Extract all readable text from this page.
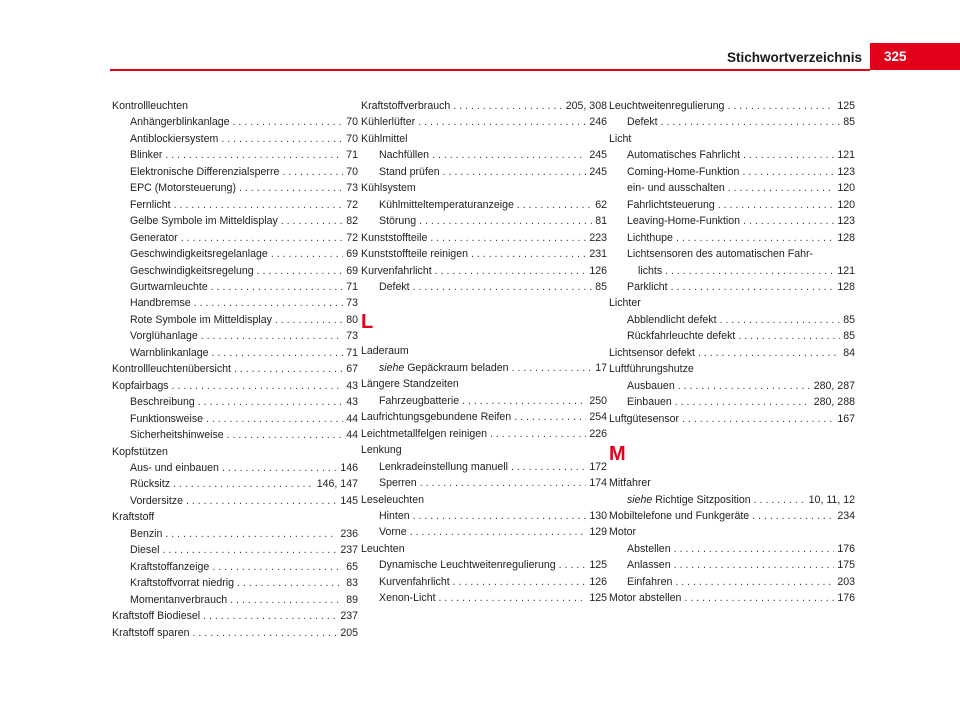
Stichwortverzeichnis 325
Kontrollleuchten
Anhängerblinkanlage . . .	70
Antiblockiersystem . . .	70
Blinker . . .	71
Elektronische Differenzialsperre . . .	70
EPC (Motorsteuerung) . . .	73
Fernlicht . . .	72
Gelbe Symbole im Mitteldisplay . . .	82
Generator . . .	72
Geschwindigkeitsregelanlage . . .	69
Geschwindigkeitsregelung . . .	69
Gurtwarnleuchte . . .	71
Handbremse . . .	73
Rote Symbole im Mitteldisplay . . .	80
Vorglühanlage . . .	73
Warnblinkanlage . . .	71
Kontrollleuchtenübersicht . . .	67
Kopfairbags . . .	43
Beschreibung . . .	43
Funktionsweise . . .	44
Sicherheitshinweise . . .	44
Kopfstützen
Aus- und einbauen . . .	146
Rücksitz . . .	146, 147
Vordersitze . . .	145
Kraftstoff
Benzin . . .	236
Diesel . . .	237
Kraftstoffanzeige . . .	65
Kraftstoffvorrat niedrig . . .	83
Momentanverbrauch . . .	89
Kraftstoff Biodiesel . . .	237
Kraftstoff sparen . . .	205
Kraftstoffverbrauch . . .	205, 308
Kühlerlüfter . . .	246
Kühlmittel
Nachfüllen . . .	245
Stand prüfen . . .	245
Kühlsystem
Kühlmitteltemperaturanzeige . . .	62
Störung . . .	81
Kunststoffteile . . .	223
Kunststoffteile reinigen . . .	231
Kurvenfahrlicht . . .	126
Defekt . . .	85
L
Laderaum
siehe Gepäckraum beladen . . .	17
Längere Standzeiten
Fahrzeugbatterie . . .	250
Laufrichtungsgebundene Reifen . . .	254
Leichtmetallfelgen reinigen . . .	226
Lenkung
Lenkradeinstellung manuell . . .	172
Sperren . . .	174
Leseleuchten
Hinten . . .	130
Vorne . . .	129
Leuchten
Dynamische Leuchtweitenregulierung . . .	125
Kurvenfahrlicht . . .	126
Xenon-Licht . . .	125
Leuchtweitenregulierung . . .	125
Defekt . . .	85
Licht
Automatisches Fahrlicht . . .	121
Coming-Home-Funktion . . .	123
ein- und ausschalten . . .	120
Fahrlichtsteuerung . . .	120
Leaving-Home-Funktion . . .	123
Lichthupe . . .	128
Lichtsensoren des automatischen Fahr-
lichts . . .	121
Parklicht . . .	128
Lichter
Abblendlicht defekt . . .	85
Rückfahrleuchte defekt . . .	85
Lichtsensor defekt . . .	84
Luftführungshutze
Ausbauen . . .	280, 287
Einbauen . . .	280, 288
Luftgütesensor . . .	167
M
Mitfahrer
siehe Richtige Sitzposition . . .	10, 11, 12
Mobiltelefone und Funkgeräte . . .	234
Motor
Abstellen . . .	176
Anlassen . . .	175
Einfahren . . .	203
Motor abstellen . . .	176
